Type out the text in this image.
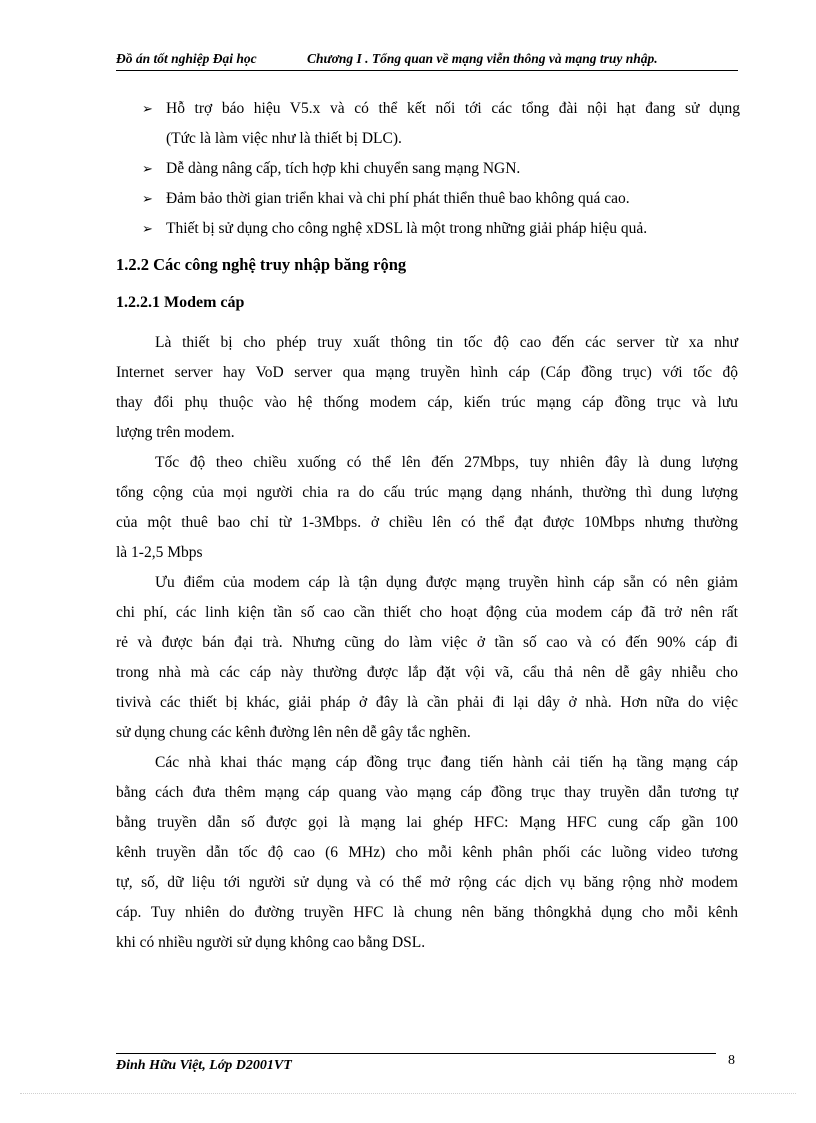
Đồ án tốt nghiệp Đại học	Chương I . Tổng quan về mạng viễn thông và mạng truy nhập.
➢ Hỗ trợ báo hiệu V5.x và có thể kết nối tới các tổng đài nội hạt đang sử dụng
(Tức là làm việc như là thiết bị DLC).
➢ Dễ dàng nâng cấp, tích hợp khi chuyển sang mạng NGN.
➢ Đảm bảo thời gian triển khai và chi phí phát thiển thuê bao không quá cao.
➢ Thiết bị sử dụng cho công nghệ xDSL là một trong những giải pháp hiệu quả.
1.2.2 Các công nghệ truy nhập băng rộng
1.2.2.1 Modem cáp
Là thiết bị cho phép truy xuất thông tin tốc độ cao đến các server từ xa như
Internet server hay VoD server qua mạng truyền hình cáp (Cáp đồng trục) với tốc độ
thay đổi phụ thuộc vào hệ thống modem cáp, kiến trúc mạng cáp đồng trục và lưu
lượng trên modem.
Tốc độ theo chiều xuống có thể lên đến 27Mbps, tuy nhiên đây là dung lượng
tổng cộng của mọi người chia ra do cấu trúc mạng dạng nhánh, thường thì dung lượng
của một thuê bao chỉ từ 1-3Mbps. ở chiều lên có thể đạt được 10Mbps nhưng thường
là 1-2,5 Mbps
Ưu điểm của modem cáp là tận dụng được mạng truyền hình cáp sẵn có nên giảm
chi phí, các linh kiện tần số cao cần thiết cho hoạt động của modem cáp đã trở nên rất
rẻ và được bán đại trà. Nhưng cũng do làm việc ở tần số cao và có đến 90% cáp đi
trong nhà mà các cáp này thường được lắp đặt vội vã, cẩu thả nên dễ gây nhiễu cho
tivivà các thiết bị khác, giải pháp ở đây là cần phải đi lại dây ở nhà. Hơn nữa do việc
sử dụng chung các kênh đường lên nên dễ gây tắc nghẽn.
Các nhà khai thác mạng cáp đồng trục đang tiến hành cải tiến hạ tầng mạng cáp
bằng cách đưa thêm mạng cáp quang vào mạng cáp đồng trục thay truyền dẫn tương tự
bằng truyền dẫn số được gọi là mạng lai ghép HFC: Mạng HFC cung cấp gần 100
kênh truyền dẫn tốc độ cao (6 MHz) cho mỗi kênh phân phối các luồng video tương
tự, số, dữ liệu tới người sử dụng và có thể mở rộng các dịch vụ băng rộng nhờ modem
cáp. Tuy nhiên do đường truyền HFC là chung nên băng thôngkhả dụng cho mỗi kênh
khi có nhiều người sử dụng không cao bằng DSL.
Đinh Hữu Việt, Lớp D2001VT	8
